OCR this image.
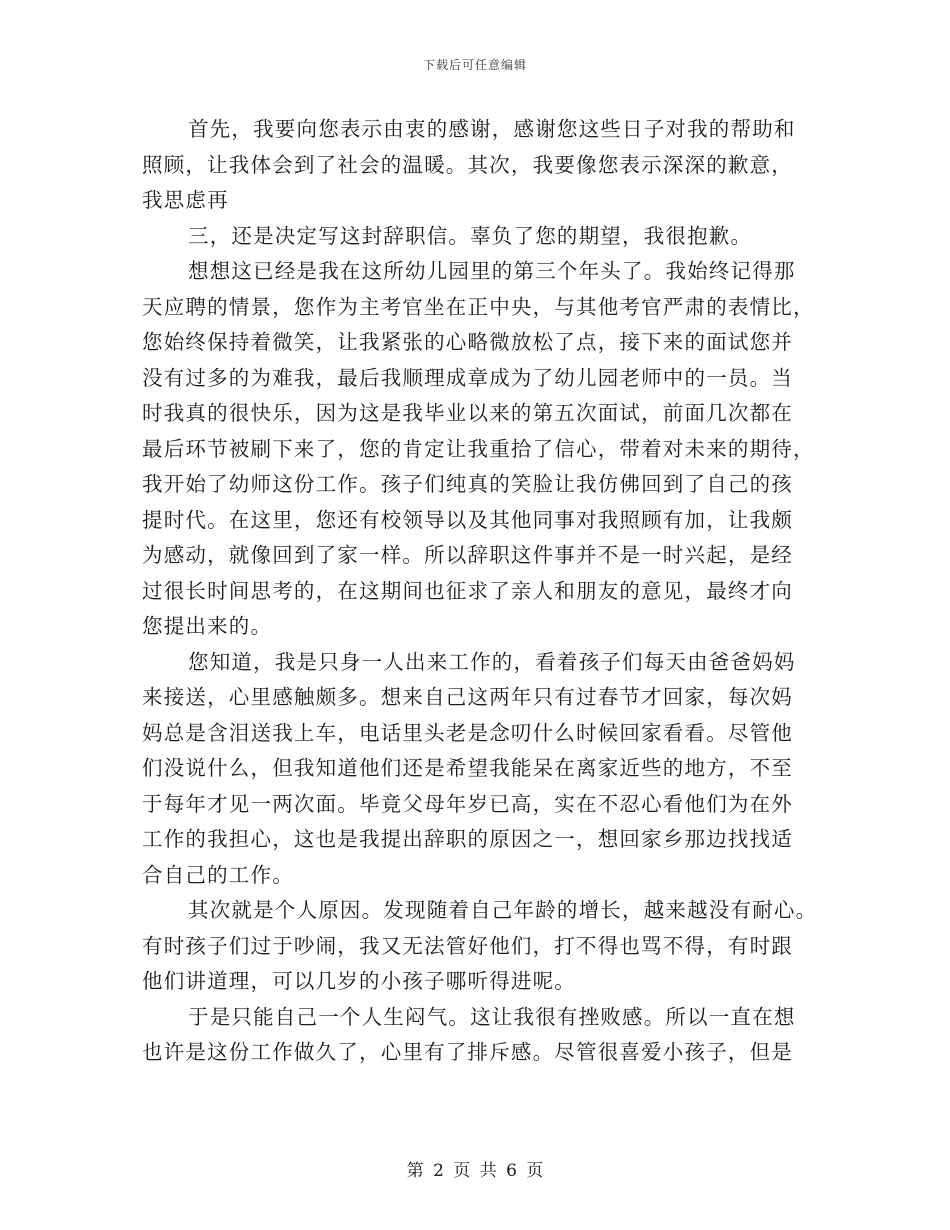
下载后可任意编辑
首先，我要向您表示由衷的感谢，感谢您这些日子对我的帮助和
照顾，让我体会到了社会的温暖。其次，我要像您表示深深的歉意，
我思虑再
三，还是决定写这封辞职信。辜负了您的期望，我很抱歉。
想想这已经是我在这所幼儿园里的第三个年头了。我始终记得那
天应聘的情景，您作为主考官坐在正中央，与其他考官严肃的表情比，
您始终保持着微笑，让我紧张的心略微放松了点，接下来的面试您并
没有过多的为难我，最后我顺理成章成为了幼儿园老师中的一员。当
时我真的很快乐，因为这是我毕业以来的第五次面试，前面几次都在
最后环节被刷下来了，您的肯定让我重拾了信心，带着对未来的期待，
我开始了幼师这份工作。孩子们纯真的笑脸让我仿佛回到了自己的孩
提时代。在这里，您还有校领导以及其他同事对我照顾有加，让我颇
为感动，就像回到了家一样。所以辞职这件事并不是一时兴起，是经
过很长时间思考的，在这期间也征求了亲人和朋友的意见，最终才向
您提出来的。
您知道，我是只身一人出来工作的，看着孩子们每天由爸爸妈妈
来接送，心里感触颇多。想来自己这两年只有过春节才回家，每次妈
妈总是含泪送我上车，电话里头老是念叨什么时候回家看看。尽管他
们没说什么，但我知道他们还是希望我能呆在离家近些的地方，不至
于每年才见一两次面。毕竟父母年岁已高，实在不忍心看他们为在外
工作的我担心，这也是我提出辞职的原因之一，想回家乡那边找找适
合自己的工作。
其次就是个人原因。发现随着自己年龄的增长，越来越没有耐心。
有时孩子们过于吵闹，我又无法管好他们，打不得也骂不得，有时跟
他们讲道理，可以几岁的小孩子哪听得进呢。
于是只能自己一个人生闷气。这让我很有挫败感。所以一直在想
也许是这份工作做久了，心里有了排斥感。尽管很喜爱小孩子，但是
第 2 页 共 6 页
